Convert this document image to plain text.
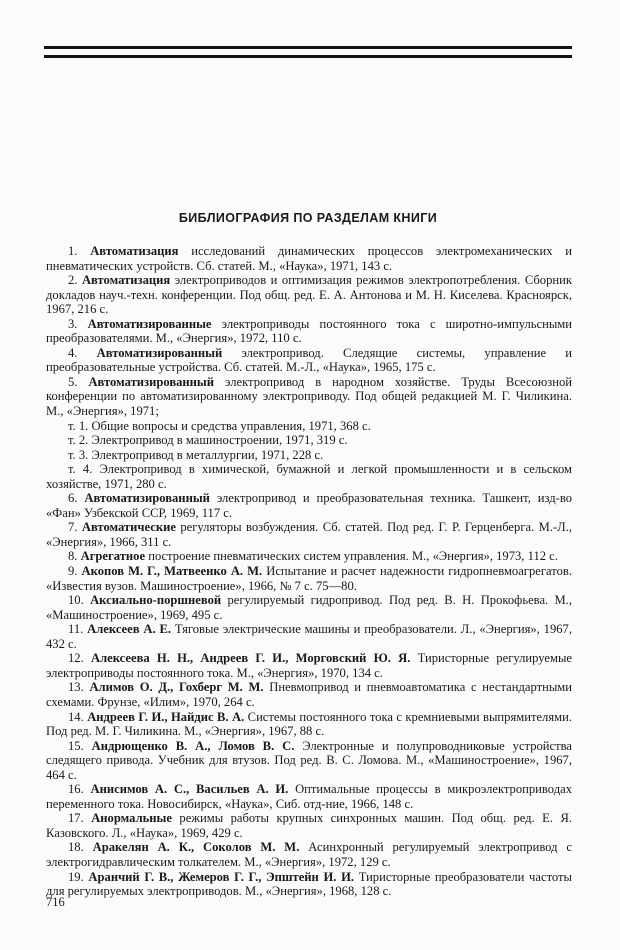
БИБЛИОГРАФИЯ ПО РАЗДЕЛАМ КНИГИ

1. Автоматизация исследований динамических процессов электромеханических и пневматических устройств. Сб. статей. М., «Наука», 1971, 143 с.

2. Автоматизация электроприводов и оптимизация режимов электропотребления. Сборник докладов науч.-техн. конференции. Под общ. ред. Е. А. Антонова и М. Н. Киселева. Красноярск, 1967, 216 с.

3. Автоматизированные электроприводы постоянного тока с широтно-импульсными преобразователями. М., «Энергия», 1972, 110 с.

4. Автоматизированный электропривод. Следящие системы, управление и преобразовательные устройства. Сб. статей. М.-Л., «Наука», 1965, 175 с.

5. Автоматизированный электропривод в народном хозяйстве. Труды Всесоюзной конференции по автоматизированному электроприводу. Под общей редакцией М. Г. Чиликина. М., «Энергия», 1971;

т. 1. Общие вопросы и средства управления, 1971, 368 с.

т. 2. Электропривод в машиностроении, 1971, 319 с.

т. 3. Электропривод в металлургии, 1971, 228 с.

т. 4. Электропривод в химической, бумажной и легкой промышленности и в сельском хозяйстве, 1971, 280 с.

6. Автоматизированный электропривод и преобразовательная техника. Ташкент, изд-во «Фан» Узбекской ССР, 1969, 117 с.

7. Автоматические регуляторы возбуждения. Сб. статей. Под ред. Г. Р. Герценберга. М.-Л., «Энергия», 1966, 311 с.

8. Агрегатное построение пневматических систем управления. М., «Энергия», 1973, 112 с.

9. Акопов М. Г., Матвеенко А. М. Испытание и расчет надежности гидропневмоагрегатов. «Известия вузов. Машиностроение», 1966, № 7 с. 75—80.

10. Аксиально-поршневой регулируемый гидропривод. Под ред. В. Н. Прокофьева. М., «Машиностроение», 1969, 495 с.

11. Алексеев А. Е. Тяговые электрические машины и преобразователи. Л., «Энергия», 1967, 432 с.

12. Алексеева Н. Н., Андреев Г. И., Морговский Ю. Я. Тиристорные регулируемые электроприводы постоянного тока. М., «Энергия», 1970, 134 с.

13. Алимов О. Д., Гохберг М. М. Пневмопривод и пневмоавтоматика с нестандартными схемами. Фрунзе, «Илим», 1970, 264 с.

14. Андреев Г. И., Найдис В. А. Системы постоянного тока с кремниевыми выпрямителями. Под ред. М. Г. Чиликина. М., «Энергия», 1967, 88 с.

15. Андрющенко В. А., Ломов В. С. Электронные и полупроводниковые устройства следящего привода. Учебник для втузов. Под ред. В. С. Ломова. М., «Машиностроение», 1967, 464 с.

16. Анисимов А. С., Васильев А. И. Оптимальные процессы в микроэлектроприводах переменного тока. Новосибирск, «Наука», Сиб. отд-ние, 1966, 148 с.

17. Анормальные режимы работы крупных синхронных машин. Под общ. ред. Е. Я. Казовского. Л., «Наука», 1969, 429 с.

18. Аракелян А. К., Соколов М. М. Асинхронный регулируемый электропривод с электрогидравлическим толкателем. М., «Энергия», 1972, 129 с.

19. Аранчий Г. В., Жемеров Г. Г., Эпштейн И. И. Тиристорные преобразователи частоты для регулируемых электроприводов. М., «Энергия», 1968, 128 с.

716
